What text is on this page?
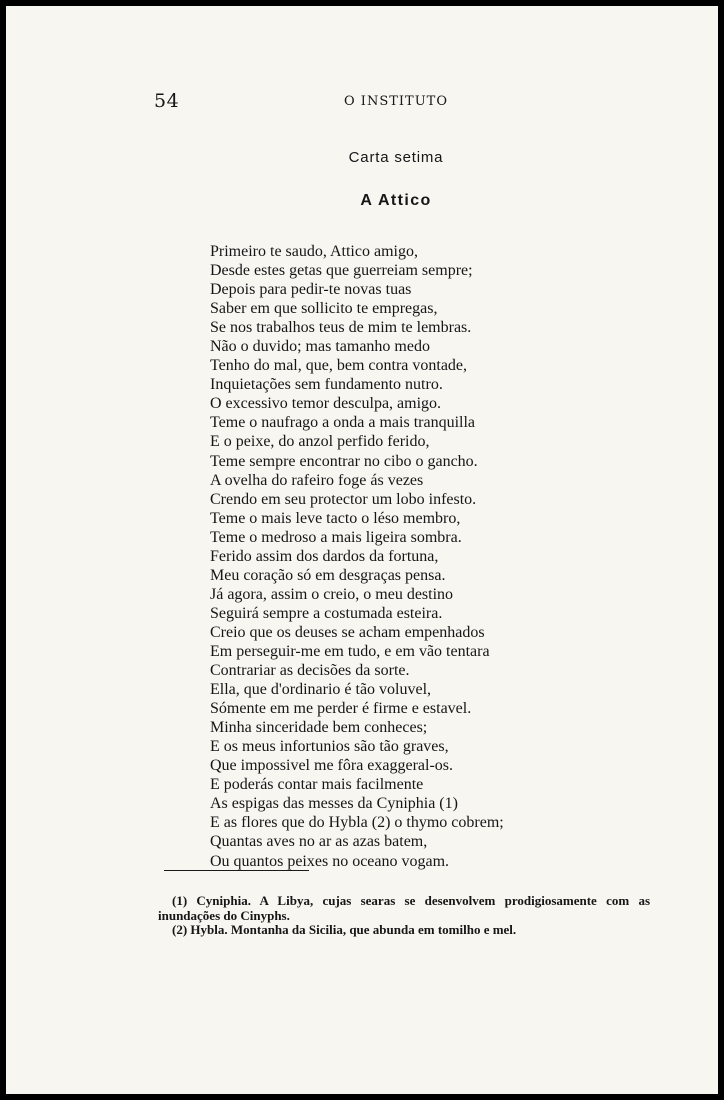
54	O INSTITUTO

Carta setima

A Attico
Primeiro te saudo, Attico amigo,
Desde estes getas que guerreiam sempre;
Depois para pedir-te novas tuas
Saber em que sollicito te empregas,
Se nos trabalhos teus de mim te lembras.
Não o duvido; mas tamanho medo
Tenho do mal, que, bem contra vontade,
Inquietações sem fundamento nutro.
O excessivo temor desculpa, amigo.
Teme o naufrago a onda a mais tranquilla
E o peixe, do anzol perfido ferido,
Teme sempre encontrar no cibo o gancho.
A ovelha do rafeiro foge ás vezes
Crendo em seu protector um lobo infesto.
Teme o mais leve tacto o léso membro,
Teme o medroso a mais ligeira sombra.
Ferido assim dos dardos da fortuna,
Meu coração só em desgraças pensa.
Já agora, assim o creio, o meu destino
Seguirá sempre a costumada esteira.
Creio que os deuses se acham empenhados
Em perseguir-me em tudo, e em vão tentara
Contrariar as decisões da sorte.
Ella, que d'ordinario é tão voluvel,
Sómente em me perder é firme e estavel.
Minha sinceridade bem conheces;
E os meus infortunios são tão graves,
Que impossivel me fôra exaggeral-os.
E poderás contar mais facilmente
As espigas das messes da Cyniphia (1)
E as flores que do Hybla (2) o thymo cobrem;
Quantas aves no ar as azas batem,
Ou quantos peixes no oceano vogam.
(1) Cyniphia. A Libya, cujas searas se desenvolvem prodigiosamente com as inundações do Cinyphs.
(2) Hybla. Montanha da Sicilia, que abunda em tomilho e mel.
